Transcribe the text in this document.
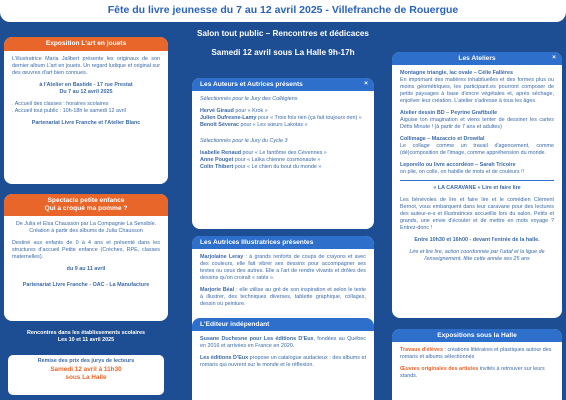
Fête du livre jeunesse du 7 au 12 avril 2025 - Villefranche de Rouergue
Salon tout public – Rencontres et dédicaces
Samedi 12 avril sous La Halle 9h-17h
Exposition L'art en jouets
L'illustratrice Maria Jalibert présente les originaux de son dernier album L'art en jouets. Un regard ludique et original sur des œuvres d'art bien connues.
à l'Atelier en Bastide - 17 rue Prestat
Du 7 au 12 avril 2025
. Accueil des classes : horaires scolaires
. Accueil tout public : 10h-18h le samedi 12 avril
Partenariat Livre Franche et l'Atelier Blanc
Spectacle petite enfance
Qui a croqué ma pomme ?
De Julia et Elsa Chausson par La Compagnie La Sensible. Création à partir des albums de Julia Chausson
Destiné aux enfants de 0 à 4 ans et présenté dans les structures d'accueil Petite enfance (Crèches, RPE, classes maternelles).
du 9 au 11 avril
Partenariat Livre Franche - OAC - La Manufacture
Rencontres dans les établissements scolaires
Les 10 et 11 avril 2025
Remise des prix des jurys de lecteurs
Samedi 12 avril à 11h30
sous La Halle
Les Auteurs et Autrices présents	×
Sélectionnés pour le Jury des Collégiens
Hervé Giraud pour « Krok »
Julien Dufresne-Lamy pour « Trois fois rien (ça fait toujours rien) »
Benoît Séverac pour « Les sœurs Lakotas »
Sélectionnés pour le Jury du Cycle 3
Isabelle Renaud pour « Le fantôme des Cévennes »
Anne Pouget pour « Laïka chienne cosmonaute »
Colin Thibert pour « Le chien du bout du monde »
Les Autrices Illustratrices présentes
Marjolaine Leray : à grands renforts de coups de crayons et avec des couleurs, elle fait vibrer ses dessins pour accompagner ses textes ou ceux des autres. Elle a l'art de rendre vivants et drôles des dessins qu'on croirait « ratés ».
Marjorie Béal : elle utilise au gré de son inspiration et selon le texte à illustrer, des techniques diverses, tablette graphique, collages, dessin ou peinture.
L'Editeur indépendant
Susane Duchesne pour Les éditions D'Eux, fondées au Québec en 2016 et arrivées en France en 2020.
Les éditions D'Eux propose un catalogue audacieux : des albums et romans qui ouvrent sur le monde et le réflexion.
Les Ateliers	×
Montagne triangle, lac ovale – Célie Fallères
En imprimant des matières inhabituelles et des formes plus ou moins géométriques, les participant.es pourront composer de petits paysages à base d'encre végétales et, après séchage, enjoliver leur création. L'atelier s'adresse à tous les âges.
Atelier dessin BD – Peyrine Graftbulle
Aiguise ton imagination et viens tenter de dessiner les cartes Défis Minute ! (à partir de 7 ans et adultes)
Collimage – Mazaccio et Drowilal
Le collage comme un travail d'agencement, comme (dé)composition de l'image, comme appréhension du monde.
Leporello ou livre accordéon – Sarah Tricoire
on plie, on colle, on habille de mots et de couleurs !!
« LA CARAVANE » Lire et faire lire
Les bénévoles de lire et faire lire et le comédien Clément Bernot, vous embarquent dans leur caravane pour des lectures des auteur-e-s et illustratrices accueillis lors du salon. Petits et grands, une envie d'écouter et de mettre en mots voyage ? Entrez-donc !
Entre 10h30 et 16h00 - devant l'entrée de la halle.
Lire et lire lire, action coordonnée par l'udaf et la ligue de l'enseignement, fête cette année ses 25 ans
Expositions sous la Halle
Travaux d'élèves : créations littéraires et plastiques autour des romans et albums sélectionnés
Œuvres originales des artistes invités à retrouver sur leurs stands.
